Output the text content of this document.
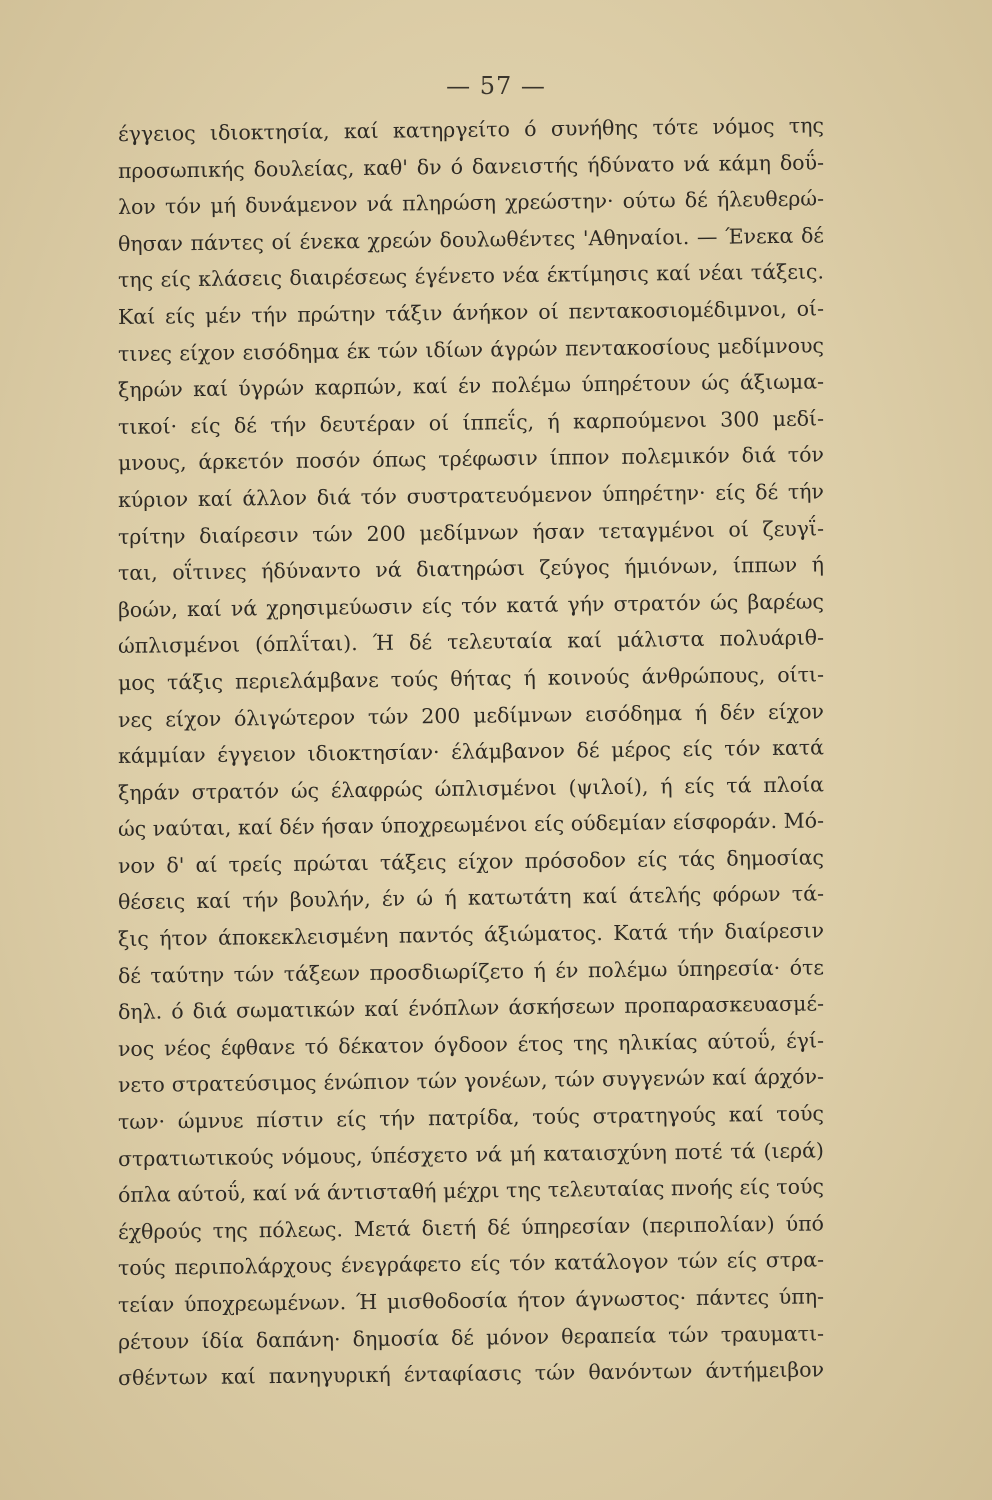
— 57 —
έγγειος ιδιοκτησία, καί κατηργείτο ό συνήθης τότε νόμος της
προσωπικής δουλείας, καθ' δν ό δανειστής ήδύνατο νά κάμη δοΰ-
λον τόν μή δυνάμενον νά πληρώση χρεώστην· ούτω δέ ήλευθερώ-
θησαν πάντες οί ένεκα χρεών δουλωθέντες 'Αθηναίοι. — Ένεκα δέ
της είς κλάσεις διαιρέσεως έγένετο νέα έκτίμησις καί νέαι τάξεις.
Καί είς μέν τήν πρώτην τάξιν άνήκον οί πεντακοσιομέδιμνοι, οί-
τινες είχον εισόδημα έκ τών ιδίων άγρών πεντακοσίους μεδίμνους
ξηρών καί ύγρών καρπών, καί έν πολέμω ύπηρέτουν ώς άξιωμα-
τικοί· είς δέ τήν δευτέραν οί ίππεΐς, ή καρπούμενοι 300 μεδί-
μνους, άρκετόν ποσόν όπως τρέφωσιν ίππον πολεμικόν διά τόν
κύριον καί άλλον διά τόν συστρατευόμενον ύπηρέτην· είς δέ τήν
τρίτην διαίρεσιν τών 200 μεδίμνων ήσαν τεταγμένοι οί ζευγΐ-
ται, οΐτινες ήδύναντο νά διατηρώσι ζεύγος ήμιόνων, ίππων ή
βοών, καί νά χρησιμεύωσιν είς τόν κατά γήν στρατόν ώς βαρέως
ώπλισμένοι (όπλΐται). Ή δέ τελευταία καί μάλιστα πολυάριθ-
μος τάξις περιελάμβανε τούς θήτας ή κοινούς άνθρώπους, οίτι-
νες είχον όλιγώτερον τών 200 μεδίμνων εισόδημα ή δέν είχον
κάμμίαν έγγειον ιδιοκτησίαν· έλάμβανον δέ μέρος είς τόν κατά
ξηράν στρατόν ώς έλαφρώς ώπλισμένοι (ψιλοί), ή είς τά πλοία
ώς ναύται, καί δέν ήσαν ύποχρεωμένοι είς ούδεμίαν είσφοράν. Μό-
νον δ' αί τρείς πρώται τάξεις είχον πρόσοδον είς τάς δημοσίας
θέσεις καί τήν βουλήν, έν ώ ή κατωτάτη καί άτελής φόρων τά-
ξις ήτον άποκεκλεισμένη παντός άξιώματος. Κατά τήν διαίρεσιν
δέ ταύτην τών τάξεων προσδιωρίζετο ή έν πολέμω ύπηρεσία· ότε
δηλ. ό διά σωματικών καί ένόπλων άσκήσεων προπαρασκευασμέ-
νος νέος έφθανε τό δέκατον όγδοον έτος της ηλικίας αύτοΰ, έγί-
νετο στρατεύσιμος ένώπιον τών γονέων, τών συγγενών καί άρχόν-
των· ώμνυε πίστιν είς τήν πατρίδα, τούς στρατηγούς καί τούς
στρατιωτικούς νόμους, ύπέσχετο νά μή καταισχύνη ποτέ τά (ιερά)
όπλα αύτοΰ, καί νά άντισταθή μέχρι της τελευταίας πνοής είς τούς
έχθρούς της πόλεως. Μετά διετή δέ ύπηρεσίαν (περιπολίαν) ύπό
τούς περιπολάρχους ένεγράφετο είς τόν κατάλογον τών είς στρα-
τείαν ύποχρεωμένων. Ή μισθοδοσία ήτον άγνωστος· πάντες ύπη-
ρέτουν ίδία δαπάνη· δημοσία δέ μόνον θεραπεία τών τραυματι-
σθέντων καί πανηγυρική ένταφίασις τών θανόντων άντήμειβον
